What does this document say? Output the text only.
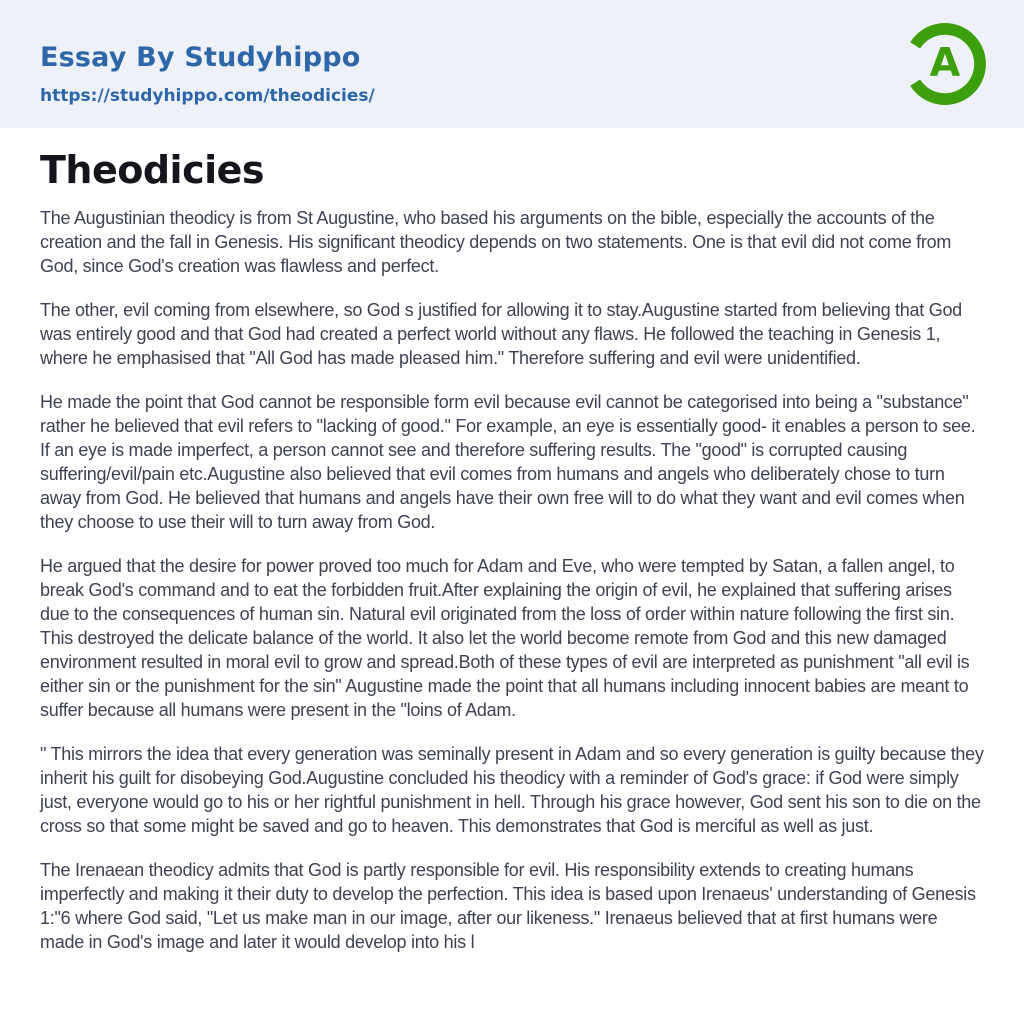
Essay By Studyhippo
https://studyhippo.com/theodicies/
A
Theodicies

The Augustinian theodicy is from St Augustine, who based his arguments on the bible, especially the accounts of the creation and the fall in Genesis. His significant theodicy depends on two statements. One is that evil did not come from God, since God's creation was flawless and perfect.

The other, evil coming from elsewhere, so God s justified for allowing it to stay.Augustine started from believing that God was entirely good and that God had created a perfect world without any flaws. He followed the teaching in Genesis 1, where he emphasised that "All God has made pleased him." Therefore suffering and evil were unidentified.

He made the point that God cannot be responsible form evil because evil cannot be categorised into being a "substance" rather he believed that evil refers to "lacking of good." For example, an eye is essentially good- it enables a person to see. If an eye is made imperfect, a person cannot see and therefore suffering results. The "good" is corrupted causing suffering/evil/pain etc.Augustine also believed that evil comes from humans and angels who deliberately chose to turn away from God. He believed that humans and angels have their own free will to do what they want and evil comes when they choose to use their will to turn away from God.

He argued that the desire for power proved too much for Adam and Eve, who were tempted by Satan, a fallen angel, to break God's command and to eat the forbidden fruit.After explaining the origin of evil, he explained that suffering arises due to the consequences of human sin. Natural evil originated from the loss of order within nature following the first sin. This destroyed the delicate balance of the world. It also let the world become remote from God and this new damaged environment resulted in moral evil to grow and spread.Both of these types of evil are interpreted as punishment "all evil is either sin or the punishment for the sin" Augustine made the point that all humans including innocent babies are meant to suffer because all humans were present in the "loins of Adam.

" This mirrors the idea that every generation was seminally present in Adam and so every generation is guilty because they inherit his guilt for disobeying God.Augustine concluded his theodicy with a reminder of God's grace: if God were simply just, everyone would go to his or her rightful punishment in hell. Through his grace however, God sent his son to die on the cross so that some might be saved and go to heaven. This demonstrates that God is merciful as well as just.

The Irenaean theodicy admits that God is partly responsible for evil. His responsibility extends to creating humans imperfectly and making it their duty to develop the perfection. This idea is based upon Irenaeus' understanding of Genesis 1:"6 where God said, "Let us make man in our image, after our likeness." Irenaeus believed that at first humans were made in God's image and later it would develop into his l
